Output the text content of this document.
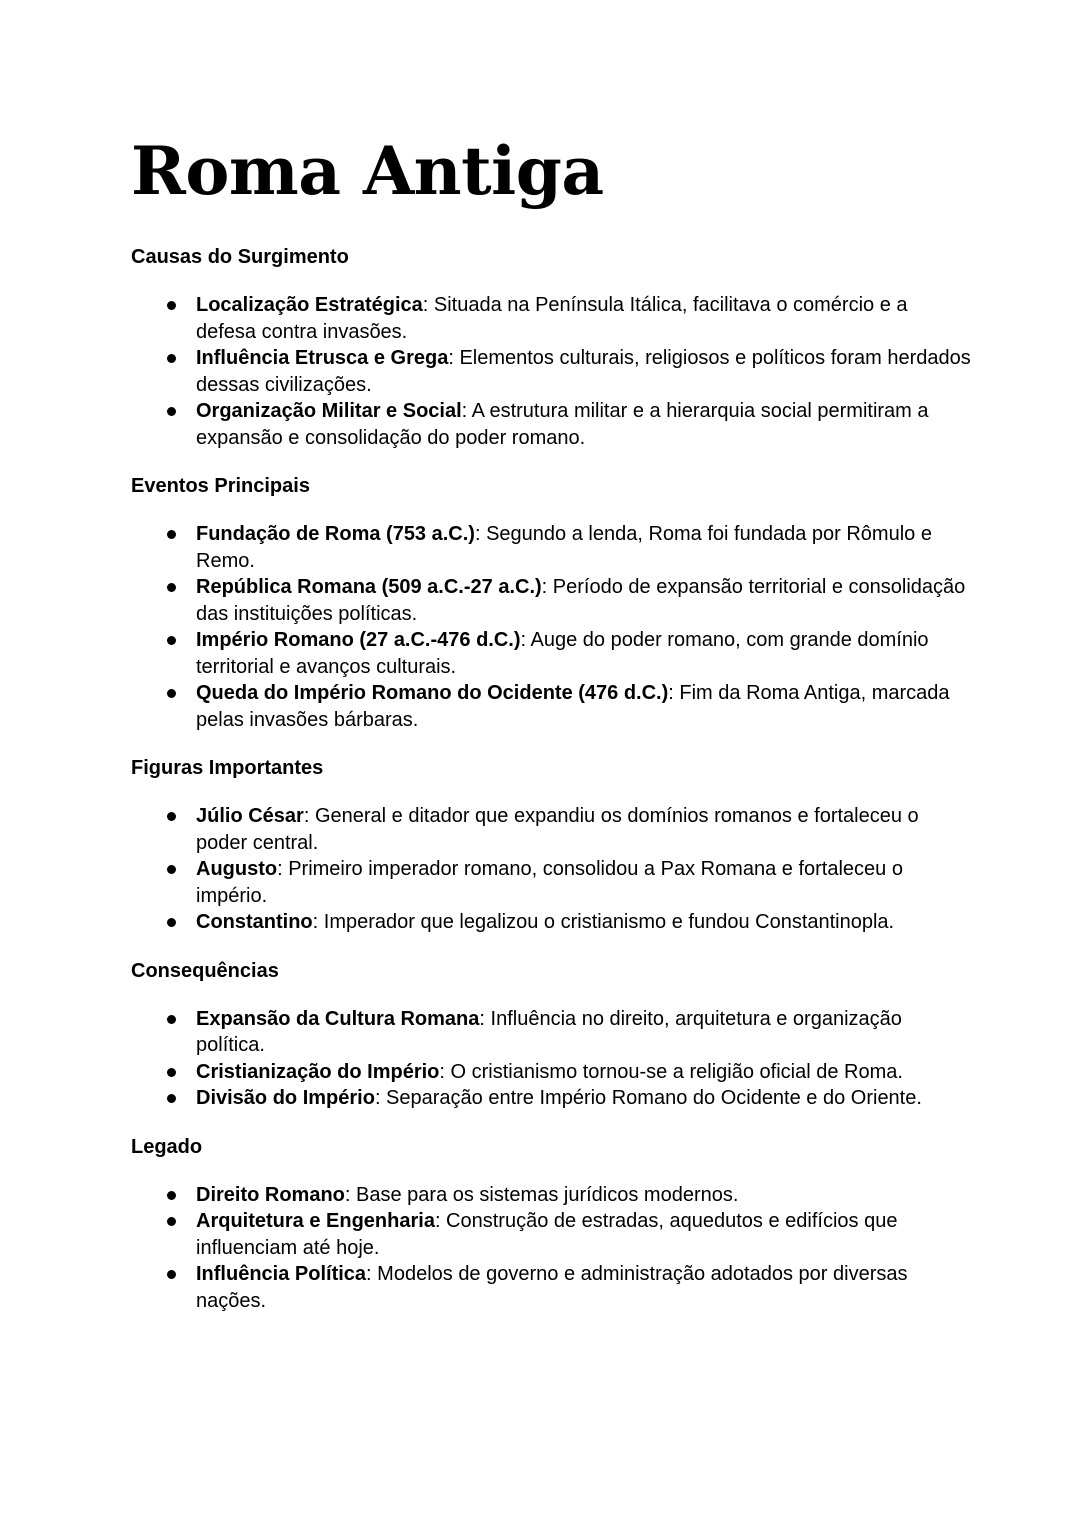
Roma Antiga
Causas do Surgimento
Localização Estratégica: Situada na Península Itálica, facilitava o comércio e a defesa contra invasões.
Influência Etrusca e Grega: Elementos culturais, religiosos e políticos foram herdados dessas civilizações.
Organização Militar e Social: A estrutura militar e a hierarquia social permitiram a expansão e consolidação do poder romano.
Eventos Principais
Fundação de Roma (753 a.C.): Segundo a lenda, Roma foi fundada por Rômulo e Remo.
República Romana (509 a.C.-27 a.C.): Período de expansão territorial e consolidação das instituições políticas.
Império Romano (27 a.C.-476 d.C.): Auge do poder romano, com grande domínio territorial e avanços culturais.
Queda do Império Romano do Ocidente (476 d.C.): Fim da Roma Antiga, marcada pelas invasões bárbaras.
Figuras Importantes
Júlio César: General e ditador que expandiu os domínios romanos e fortaleceu o poder central.
Augusto: Primeiro imperador romano, consolidou a Pax Romana e fortaleceu o império.
Constantino: Imperador que legalizou o cristianismo e fundou Constantinopla.
Consequências
Expansão da Cultura Romana: Influência no direito, arquitetura e organização política.
Cristianização do Império: O cristianismo tornou-se a religião oficial de Roma.
Divisão do Império: Separação entre Império Romano do Ocidente e do Oriente.
Legado
Direito Romano: Base para os sistemas jurídicos modernos.
Arquitetura e Engenharia: Construção de estradas, aquedutos e edifícios que influenciam até hoje.
Influência Política: Modelos de governo e administração adotados por diversas nações.
